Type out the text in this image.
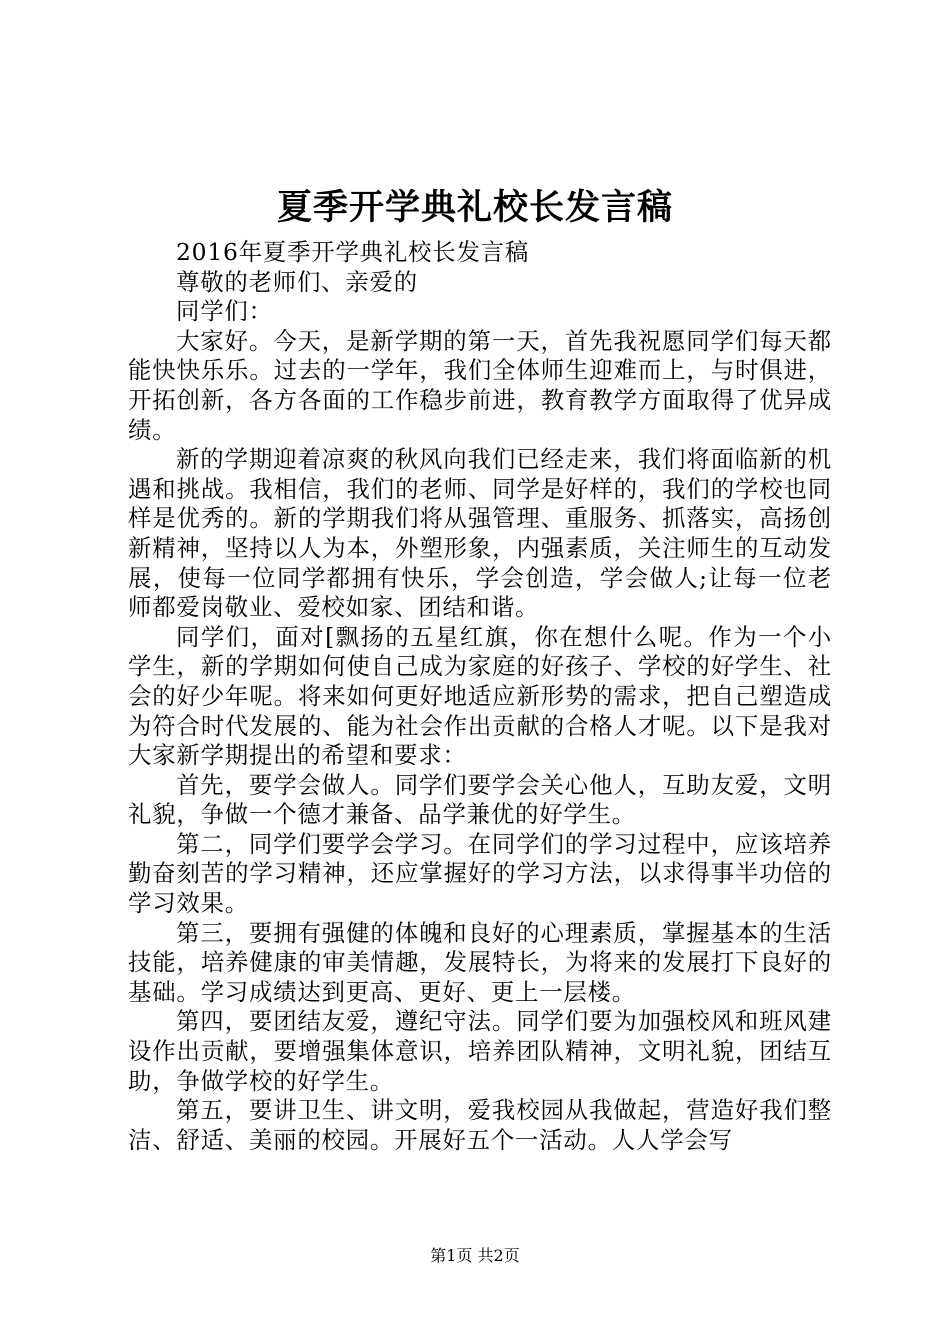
夏季开学典礼校长发言稿

2016年夏季开学典礼校长发言稿

尊敬的老师们、亲爱的

同学们：

大家好。今天，是新学期的第一天，首先我祝愿同学们每天都能快快乐乐。过去的一学年，我们全体师生迎难而上，与时俱进，开拓创新，各方各面的工作稳步前进，教育教学方面取得了优异成绩。

新的学期迎着凉爽的秋风向我们已经走来，我们将面临新的机遇和挑战。我相信，我们的老师、同学是好样的，我们的学校也同样是优秀的。新的学期我们将从强管理、重服务、抓落实，高扬创新精神，坚持以人为本，外塑形象，内强素质，关注师生的互动发展，使每一位同学都拥有快乐，学会创造，学会做人;让每一位老师都爱岗敬业、爱校如家、团结和谐。

同学们，面对[飘扬的五星红旗，你在想什么呢。作为一个小学生，新的学期如何使自己成为家庭的好孩子、学校的好学生、社会的好少年呢。将来如何更好地适应新形势的需求，把自己塑造成为符合时代发展的、能为社会作出贡献的合格人才呢。以下是我对大家新学期提出的希望和要求：

首先，要学会做人。同学们要学会关心他人，互助友爱，文明礼貌，争做一个德才兼备、品学兼优的好学生。

第二，同学们要学会学习。在同学们的学习过程中，应该培养勤奋刻苦的学习精神，还应掌握好的学习方法，以求得事半功倍的学习效果。

第三，要拥有强健的体魄和良好的心理素质，掌握基本的生活技能，培养健康的审美情趣，发展特长，为将来的发展打下良好的基础。学习成绩达到更高、更好、更上一层楼。

第四，要团结友爱，遵纪守法。同学们要为加强校风和班风建设作出贡献，要增强集体意识，培养团队精神，文明礼貌，团结互助，争做学校的好学生。

第五，要讲卫生、讲文明，爱我校园从我做起，营造好我们整洁、舒适、美丽的校园。开展好五个一活动。人人学会写

第1页 共2页
